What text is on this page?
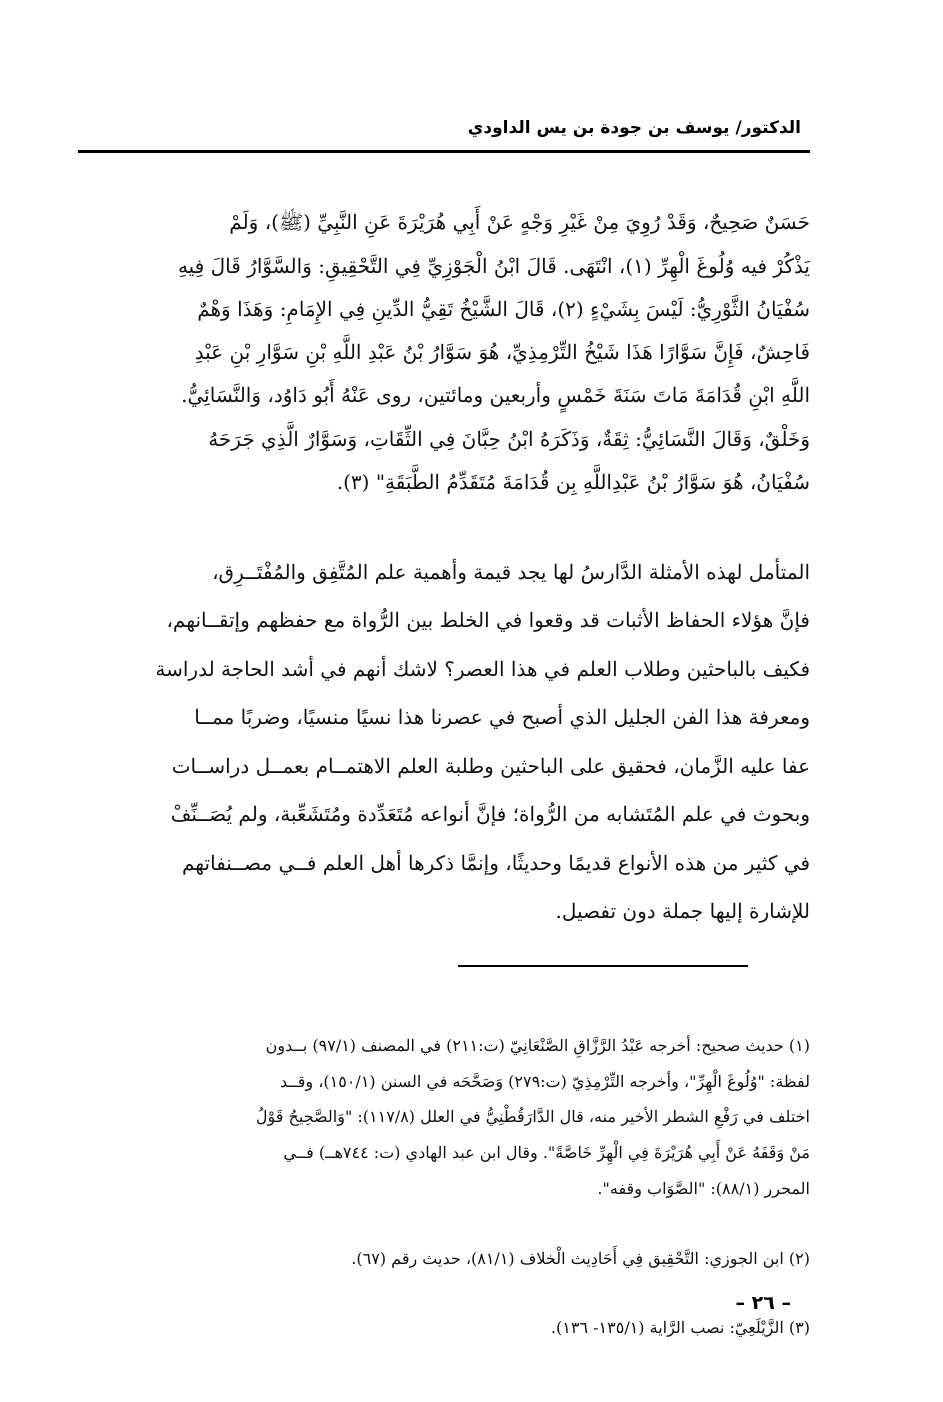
الدكتور/ يوسف بن جودة بن يس الداودي

حَسَنٌ صَحِيحٌ، وَقَدْ رُوِيَ مِنْ غَيْرِ وَجْهٍ عَنْ أَبِي هُرَيْرَةَ عَنِ النَّبِيِّ (ﷺ)، وَلَمْ
يَذْكُرْ فيه وُلُوغَ الْهِرِّ (١)، انْتَهَى. قَالَ ابْنُ الْجَوْزِيِّ فِي التَّحْقِيقِ: وَالسَّوَّارُ قَالَ فِيهِ
سُفْيَانُ الثَّوْرِيُّ: لَيْسَ بِشَيْءٍ (٢)، قَالَ الشَّيْخُ تَقِيُّ الدِّينِ فِي الإِمَامِ: وَهَذَا وَهْمٌ
فَاحِشٌ، فَإِنَّ سَوَّارًا هَذَا شَيْخُ التِّرْمِذِيِّ، هُوَ سَوَّارُ بْنُ عَبْدِ اللَّهِ بْنِ سَوَّارِ بْنِ عَبْدِ
اللَّهِ ابْنِ قُدَامَةَ مَاتَ سَنَةَ خَمْسٍ وأربعين ومائتين، روى عَنْهُ أَبُو دَاوُد، وَالنَّسَائِيُّ.
وَخَلْقٌ، وَقَالَ النَّسَائِيُّ: ثِقَةٌ، وَذَكَرَهُ ابْنُ حِبَّانَ فِي الثِّقَاتِ، وَسَوَّارٌ الَّذِي جَرَحَهُ
سُفْيَانُ، هُوَ سَوَّارُ بْنُ عَبْدِاللَّهِ بِن قُدَامَةَ مُتَقَدِّمُ الطَّبَقَةِ" (٣).

المتأمل لهذه الأمثلة الدَّارسُ لها يجد قيمة وأهمية علم المُتَّفِق والمُفْتَــرِق،
فإنَّ هؤلاء الحفاظ الأثبات قد وقعوا في الخلط بين الرُّواة مع حفظهم وإتقــانهم،
فكيف بالباحثين وطلاب العلم في هذا العصر؟ لاشك أنهم في أشد الحاجة لدراسة
ومعرفة هذا الفن الجليل الذي أصبح في عصرنا هذا نسيًا منسيًا، وضربًا ممــا
عفا عليه الزَّمان، فحقيق على الباحثين وطلبة العلم الاهتمــام بعمــل دراســات
وبحوث في علم المُتَشابه من الرُّواة؛ فإنَّ أنواعه مُتَعَدِّدة ومُتَشَعِّبة، ولم يُصَــنِّفْ
في كثير من هذه الأنواع قديمًا وحديثًا، وإنمَّا ذكرها أهل العلم فــي مصــنفاتهم
للإشارة إليها جملة دون تفصيل.

(١) حديث صحيح: أخرجه عَبْدُ الرَّزَّاقِ الصَّنْعَانِيّ (ت:٢١١) في المصنف (٩٧/١) بــدون
لفظة: "وُلُوغَ الْهِرِّ"، وأخرجه التِّرْمِذِيّ (ت:٢٧٩) وَصَحَّحَه في السنن (١٥٠/١)، وقــد
اختلف في رَفْعِ الشطر الأخير منه، قال الدَّارَقُطْنِيُّ في العلل (١١٧/٨): "وَالصَّحِيحُ قَوْلُ
مَنْ وَقَفَهُ عَنْ أَبِي هُرَيْرَةَ فِي الْهِرِّ خَاصَّةً". وقال ابن عبد الهادي (ت: ٧٤٤هــ) فــي
المحرر (٨٨/١): "الصَّوَاب وقفه".

(٢) ابن الجوزي: التَّحْقِيق فِي أَحَادِيث الْخلاف (٨١/١)، حديث رقم (٦٧).

(٣) الزَّيْلَعِيّ: نصب الرَّاية (١٣٥/١- ١٣٦).

– ٢٦ –
